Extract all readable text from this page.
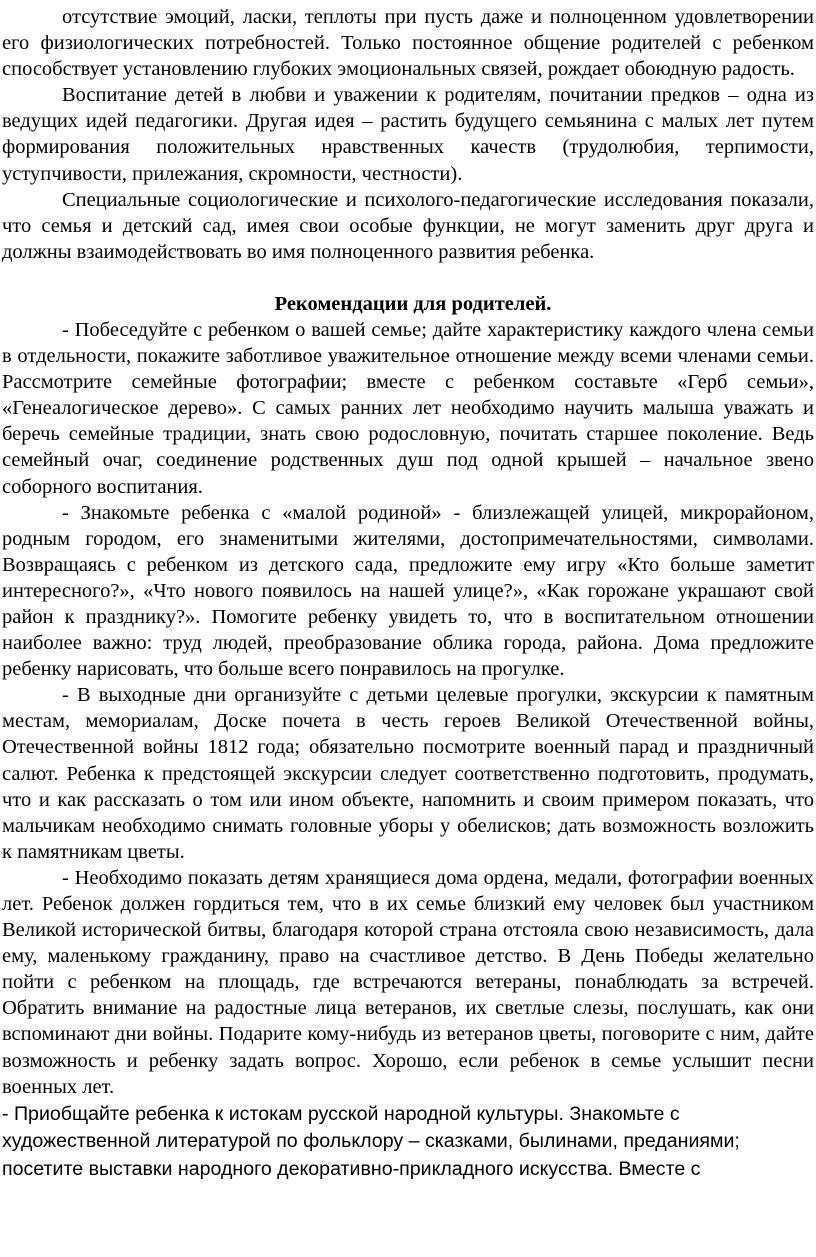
отсутствие эмоций, ласки, теплоты при пусть даже и полноценном удовлетворении его физиологических потребностей. Только постоянное общение родителей с ребенком способствует установлению глубоких эмоциональных связей, рождает обоюдную радость.

Воспитание детей в любви и уважении к родителям, почитании предков – одна из ведущих идей педагогики. Другая идея – растить будущего семьянина с малых лет путем формирования положительных нравственных качеств (трудолюбия, терпимости, уступчивости, прилежания, скромности, честности).

Специальные социологические и психолого-педагогические исследования показали, что семья и детский сад, имея свои особые функции, не могут заменить друг друга и должны взаимодействовать во имя полноценного развития ребенка.

Рекомендации для родителей.

- Побеседуйте с ребенком о вашей семье; дайте характеристику каждого члена семьи в отдельности, покажите заботливое уважительное отношение между всеми членами семьи. Рассмотрите семейные фотографии; вместе с ребенком составьте «Герб семьи», «Генеалогическое дерево». С самых ранних лет необходимо научить малыша уважать и беречь семейные традиции, знать свою родословную, почитать старшее поколение. Ведь семейный очаг, соединение родственных душ под одной крышей – начальное звено соборного воспитания.

- Знакомьте ребенка с «малой родиной» - близлежащей улицей, микрорайоном, родным городом, его знаменитыми жителями, достопримечательностями, символами. Возвращаясь с ребенком из детского сада, предложите ему игру «Кто больше заметит интересного?», «Что нового появилось на нашей улице?», «Как горожане украшают свой район к празднику?». Помогите ребенку увидеть то, что в воспитательном отношении наиболее важно: труд людей, преобразование облика города, района. Дома предложите ребенку нарисовать, что больше всего понравилось на прогулке.

- В выходные дни организуйте с детьми целевые прогулки, экскурсии к памятным местам, мемориалам, Доске почета в честь героев Великой Отечественной войны, Отечественной войны 1812 года; обязательно посмотрите военный парад и праздничный салют. Ребенка к предстоящей экскурсии следует соответственно подготовить, продумать, что и как рассказать о том или ином объекте, напомнить и своим примером показать, что мальчикам необходимо снимать головные уборы у обелисков; дать возможность возложить к памятникам цветы.

- Необходимо показать детям хранящиеся дома ордена, медали, фотографии военных лет. Ребенок должен гордиться тем, что в их семье близкий ему человек был участником Великой исторической битвы, благодаря которой страна отстояла свою независимость, дала ему, маленькому гражданину, право на счастливое детство. В День Победы желательно пойти с ребенком на площадь, где встречаются ветераны, понаблюдать за встречей. Обратить внимание на радостные лица ветеранов, их светлые слезы, послушать, как они вспоминают дни войны. Подарите кому-нибудь из ветеранов цветы, поговорите с ним, дайте возможность и ребенку задать вопрос. Хорошо, если ребенок в семье услышит песни военных лет.

- Приобщайте ребенка к истокам русской народной культуры. Знакомьте с художественной литературой по фольклору – сказками, былинами, преданиями; посетите выставки народного декоративно-прикладного искусства. Вместе с
